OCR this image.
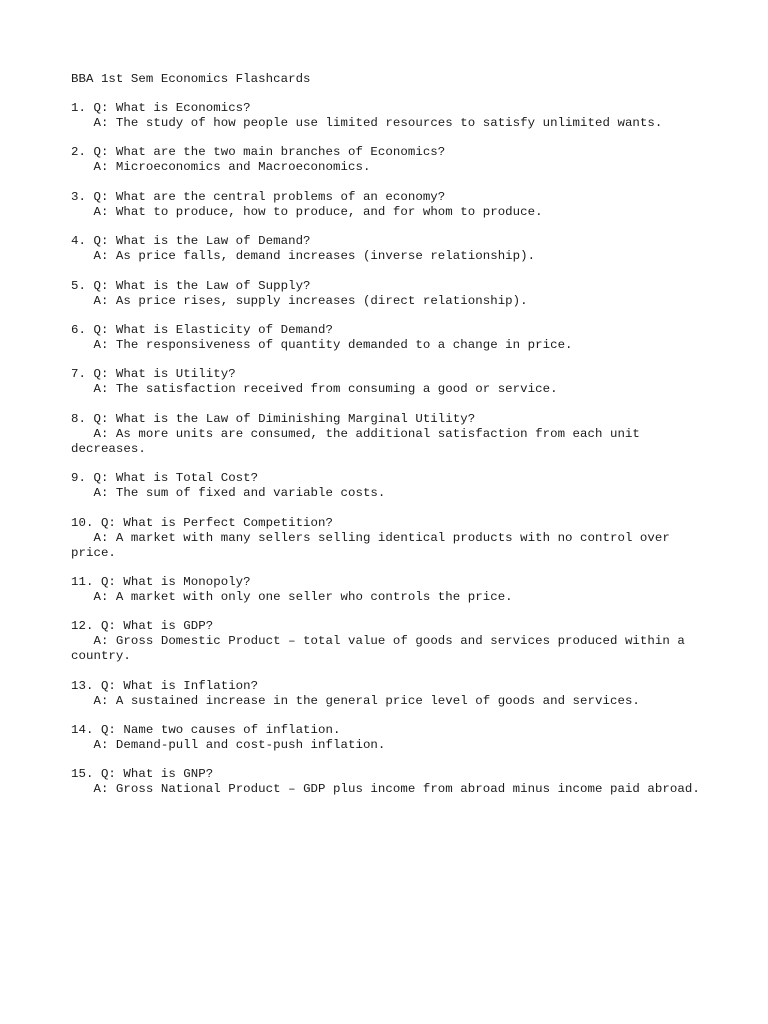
BBA 1st Sem Economics Flashcards

1. Q: What is Economics?

A: The study of how people use limited resources to satisfy unlimited wants.

2. Q: What are the two main branches of Economics?

A: Microeconomics and Macroeconomics.

3. Q: What are the central problems of an economy?

A: What to produce, how to produce, and for whom to produce.

4. Q: What is the Law of Demand?

A: As price falls, demand increases (inverse relationship).

5. Q: What is the Law of Supply?

A: As price rises, supply increases (direct relationship).

6. Q: What is Elasticity of Demand?

A: The responsiveness of quantity demanded to a change in price.

7. Q: What is Utility?

A: The satisfaction received from consuming a good or service.

8. Q: What is the Law of Diminishing Marginal Utility?

A: As more units are consumed, the additional satisfaction from each unit decreases.

9. Q: What is Total Cost?

A: The sum of fixed and variable costs.

10. Q: What is Perfect Competition?

A: A market with many sellers selling identical products with no control over price.

11. Q: What is Monopoly?

A: A market with only one seller who controls the price.

12. Q: What is GDP?

A: Gross Domestic Product – total value of goods and services produced within a country.

13. Q: What is Inflation?

A: A sustained increase in the general price level of goods and services.

14. Q: Name two causes of inflation.

A: Demand-pull and cost-push inflation.

15. Q: What is GNP?

A: Gross National Product – GDP plus income from abroad minus income paid abroad.
